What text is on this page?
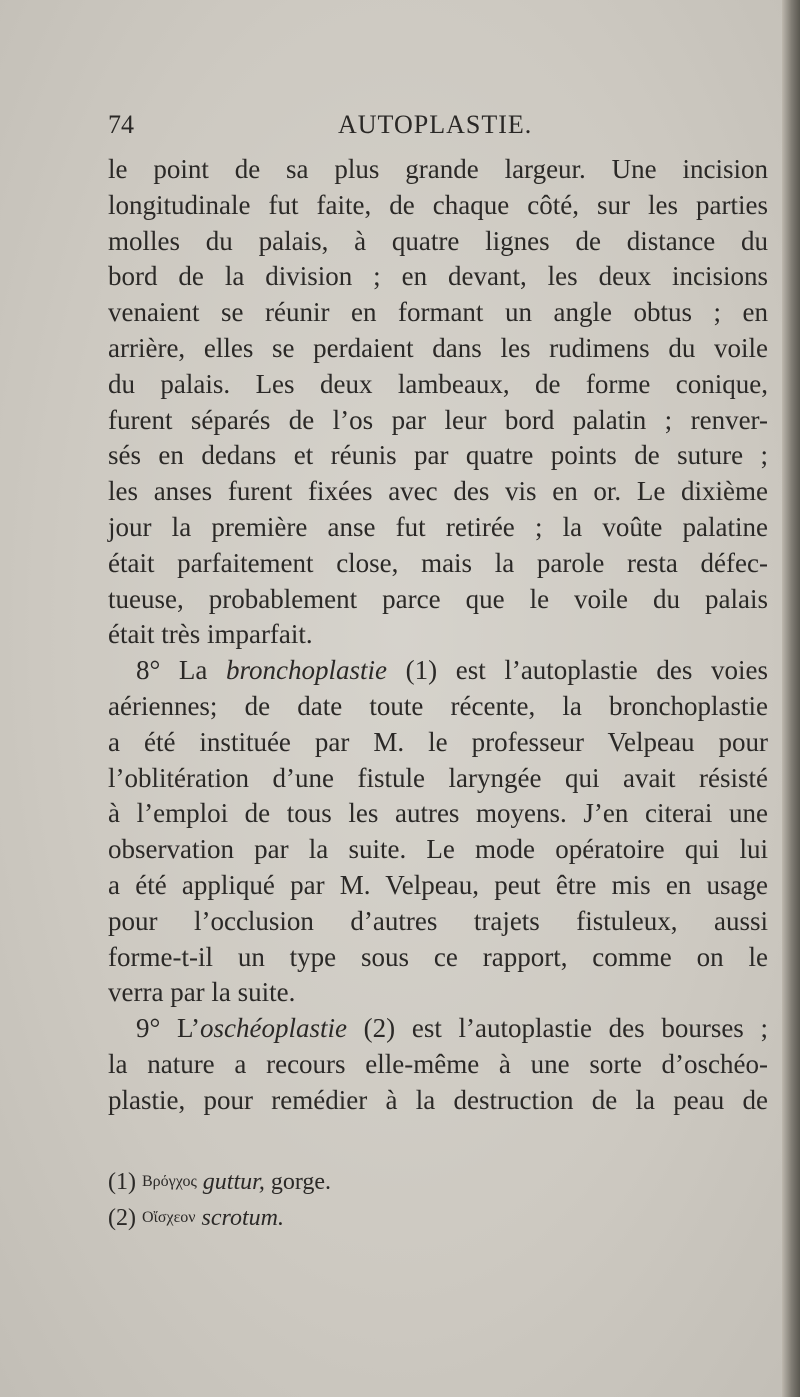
74	AUTOPLASTIE.
le point de sa plus grande largeur. Une incision
longitudinale fut faite, de chaque côté, sur les parties
molles du palais, à quatre lignes de distance du
bord de la division ; en devant, les deux incisions
venaient se réunir en formant un angle obtus ; en
arrière, elles se perdaient dans les rudimens du voile
du palais. Les deux lambeaux, de forme conique,
furent séparés de l’os par leur bord palatin ; renver-
sés en dedans et réunis par quatre points de suture ;
les anses furent fixées avec des vis en or. Le dixième
jour la première anse fut retirée ; la voûte palatine
était parfaitement close, mais la parole resta défec-
tueuse, probablement parce que le voile du palais
était très imparfait.
8° La bronchoplastie (1) est l’autoplastie des voies
aériennes; de date toute récente, la bronchoplastie
a été instituée par M. le professeur Velpeau pour
l’oblitération d’une fistule laryngée qui avait résisté
à l’emploi de tous les autres moyens. J’en citerai une
observation par la suite. Le mode opératoire qui lui
a été appliqué par M. Velpeau, peut être mis en usage
pour l’occlusion d’autres trajets fistuleux, aussi
forme-t-il un type sous ce rapport, comme on le
verra par la suite.
9° L’oschéoplastie (2) est l’autoplastie des bourses ;
la nature a recours elle-même à une sorte d’oschéo-
plastie, pour remédier à la destruction de la peau de
(1) Βρόγχος guttur, gorge.
(2) Οἴσχεον scrotum.
